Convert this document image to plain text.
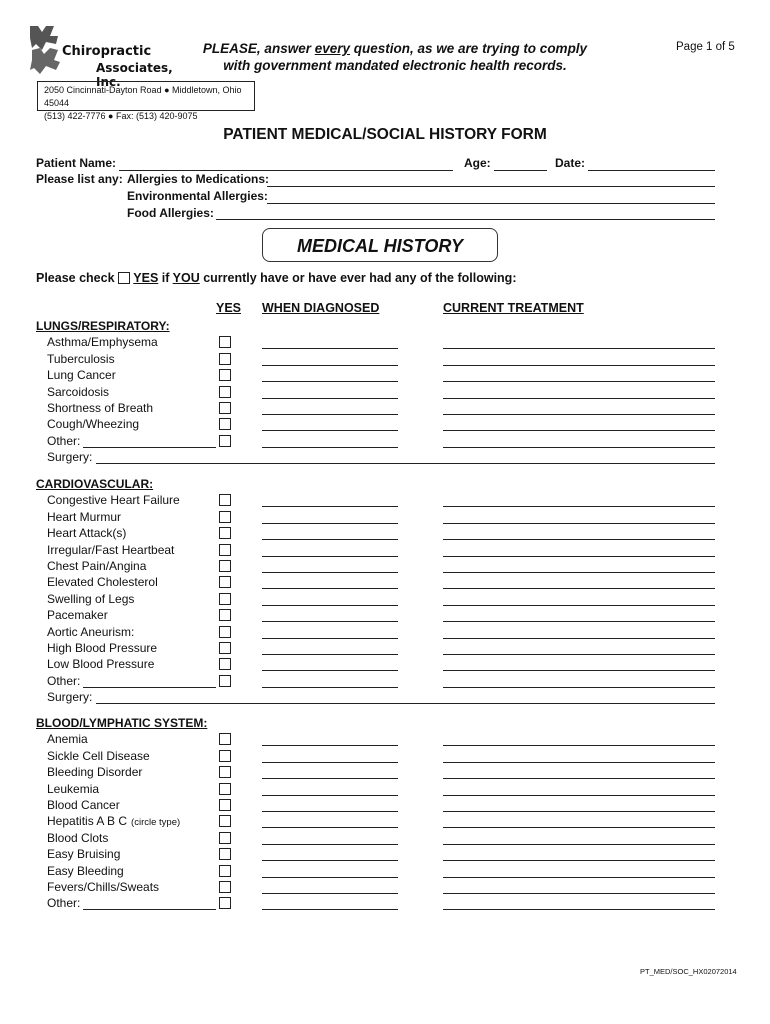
Chiropractic
Associates, Inc.
PLEASE, answer every question, as we are trying to comply
with government mandated electronic health records.
Page 1 of 5
2050 Cincinnati-Dayton Road ● Middletown, Ohio 45044
(513) 422-7776 ● Fax: (513) 420-9075
PATIENT MEDICAL/SOCIAL HISTORY FORM
Patient Name:	Age:	Date:
Please list any: Allergies to Medications:
Environmental Allergies:
Food Allergies:
MEDICAL HISTORY
Please check  YES if YOU currently have or have ever had any of the following:
YES WHEN DIAGNOSED	CURRENT TREATMENT
LUNGS/RESPIRATORY:
Asthma/Emphysema
Tuberculosis
Lung Cancer
Sarcoidosis
Shortness of Breath
Cough/Wheezing
Other:
Surgery:
CARDIOVASCULAR:
Congestive Heart Failure
Heart Murmur
Heart Attack(s)
Irregular/Fast Heartbeat
Chest Pain/Angina
Elevated Cholesterol
Swelling of Legs
Pacemaker
Aortic Aneurism:
High Blood Pressure
Low Blood Pressure
Other:
Surgery:
BLOOD/LYMPHATIC SYSTEM:
Anemia
Sickle Cell Disease
Bleeding Disorder
Leukemia
Blood Cancer
Hepatitis A B C (circle type)
Blood Clots
Easy Bruising
Easy Bleeding
Fevers/Chills/Sweats
Other:
PT_MED/SOC_HX02072014
